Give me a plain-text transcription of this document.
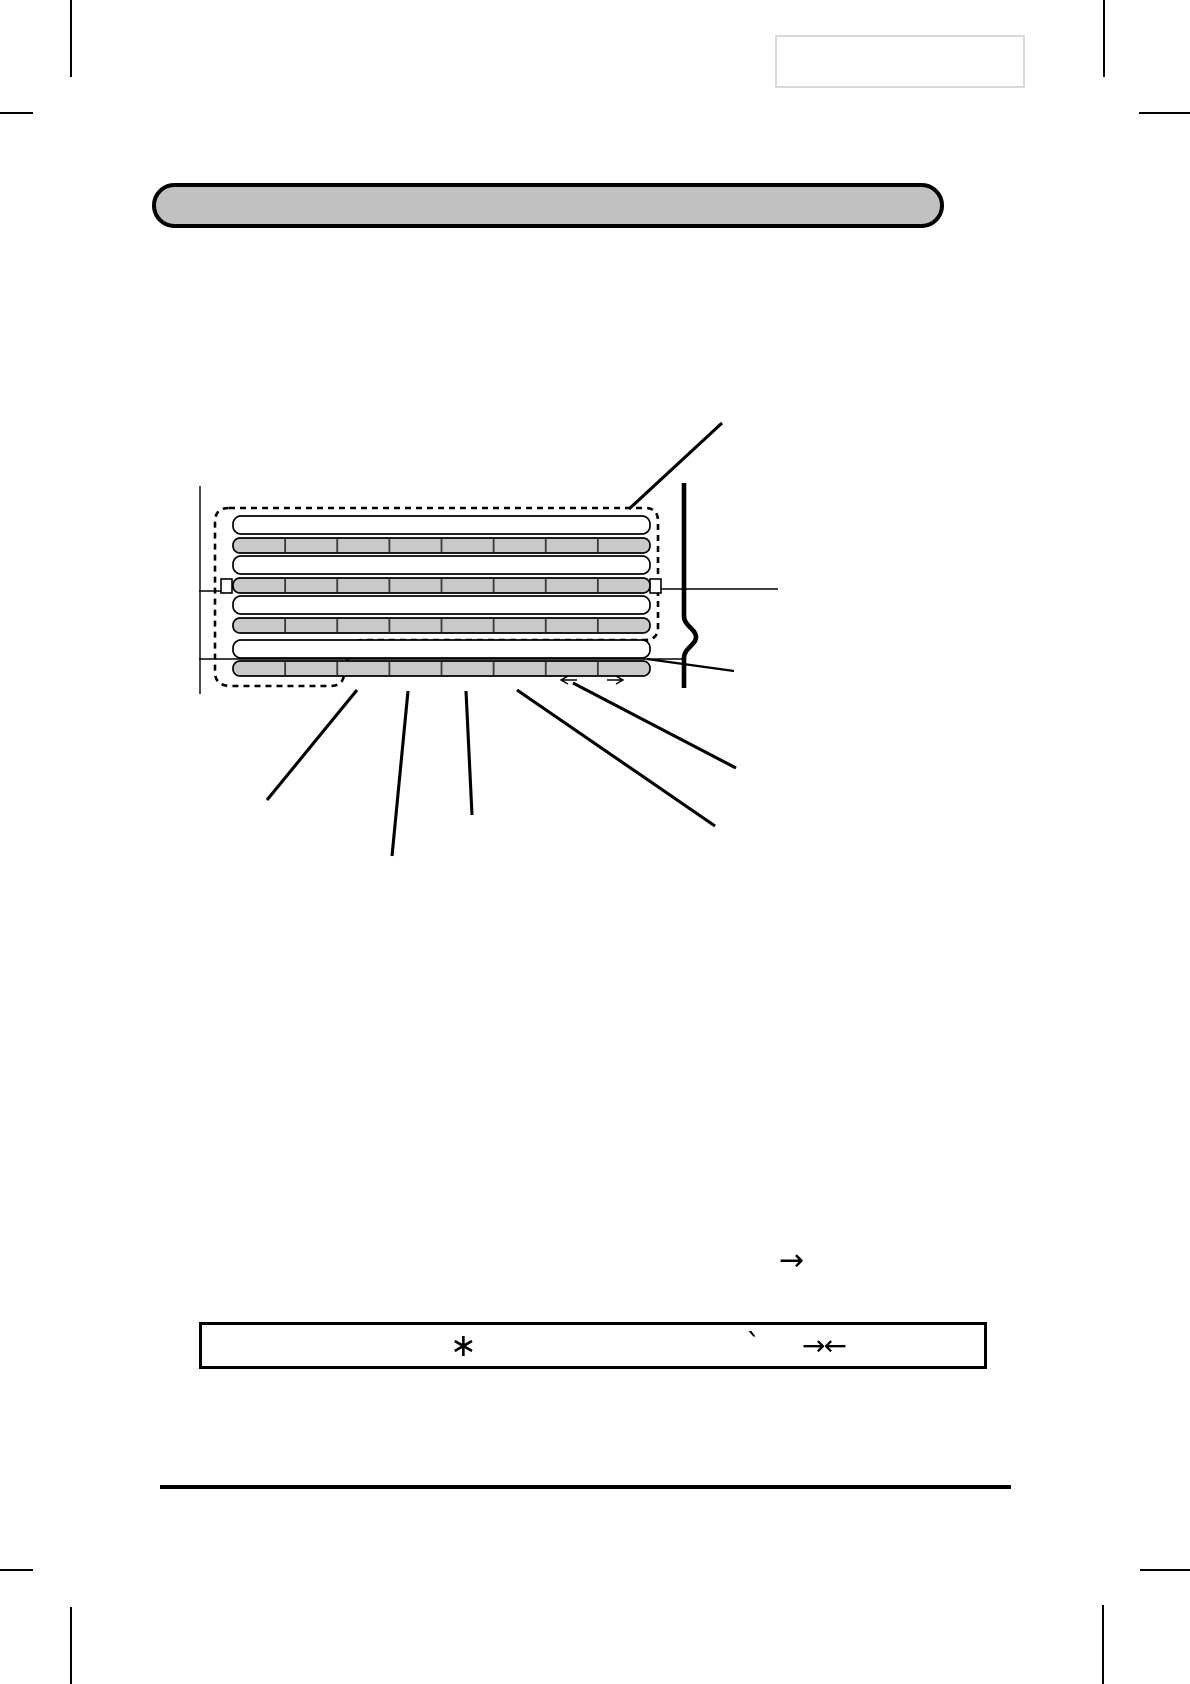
→
∗	` →←
